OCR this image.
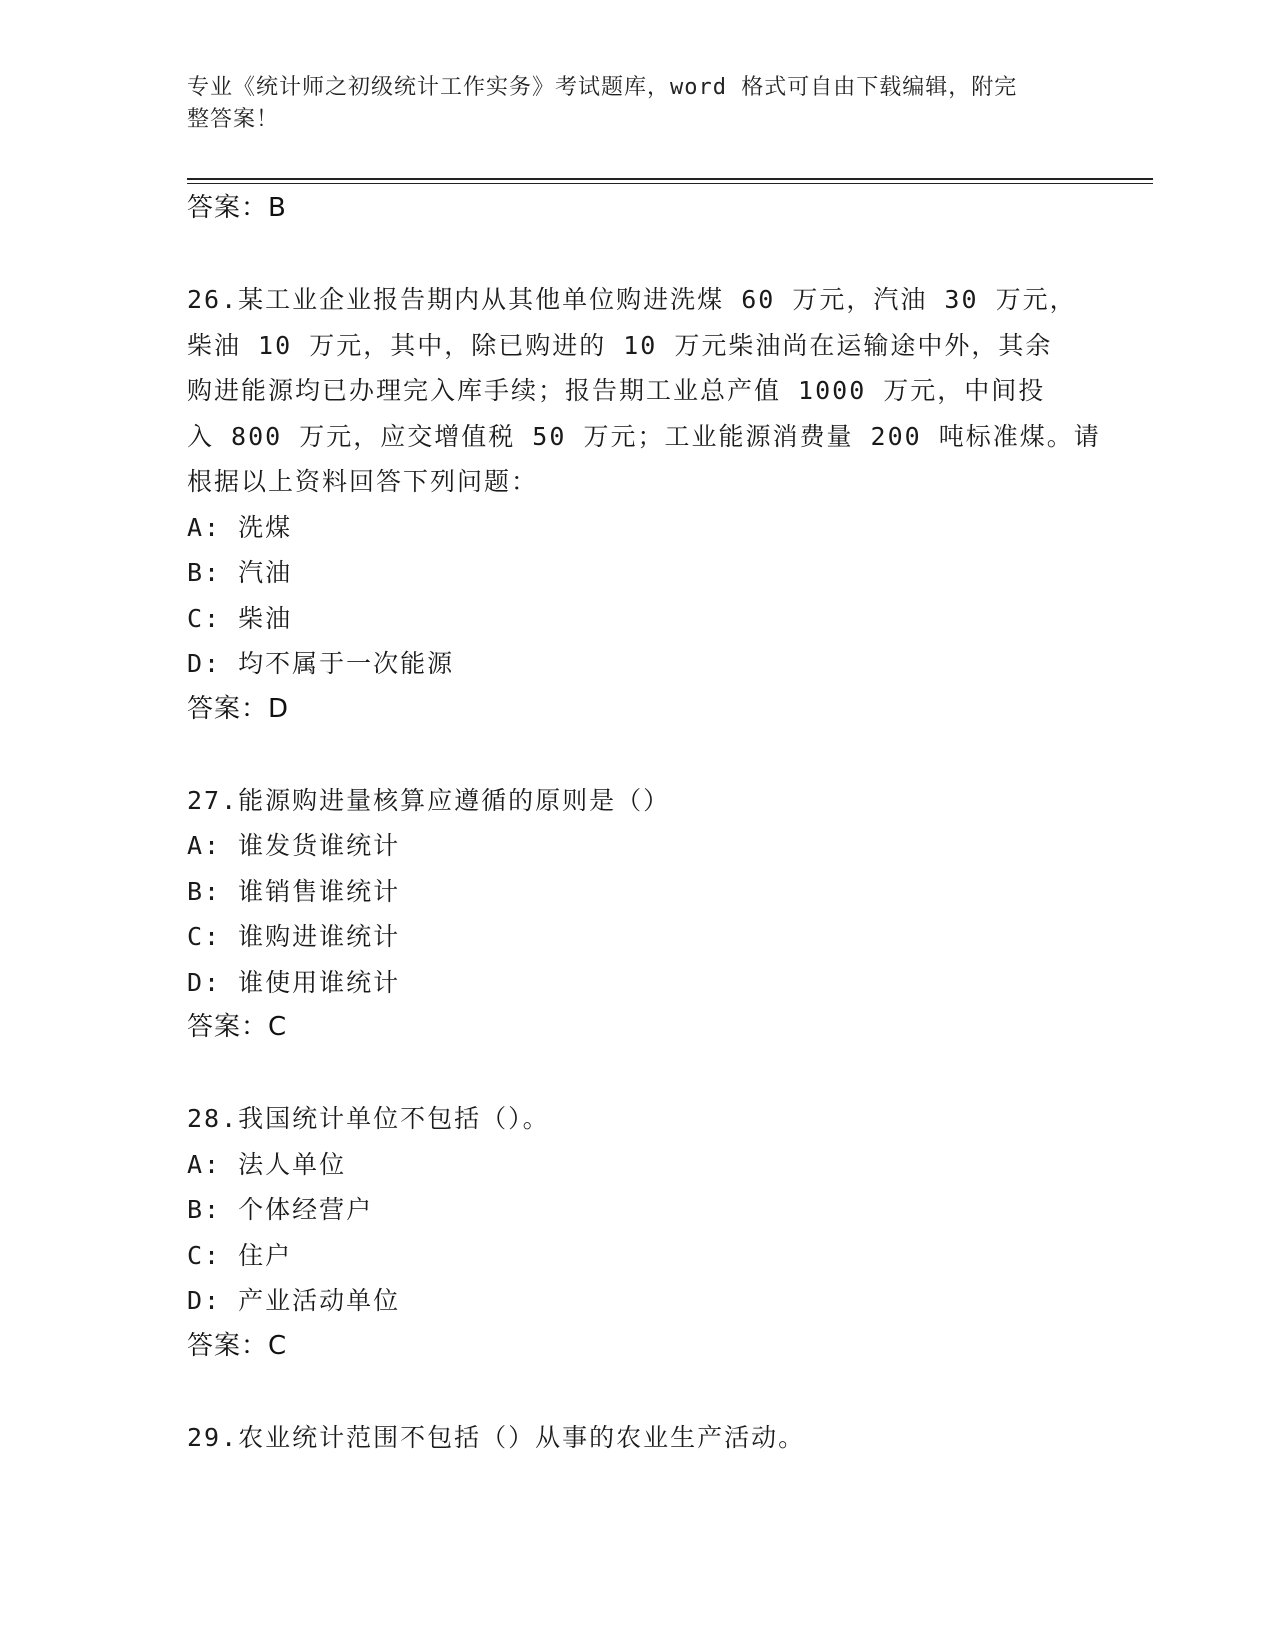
专业《统计师之初级统计工作实务》考试题库，word 格式可自由下载编辑，附完
整答案！
答案：B
26.某工业企业报告期内从其他单位购进洗煤 60 万元，汽油 30 万元，
柴油 10 万元，其中，除已购进的 10 万元柴油尚在运输途中外，其余
购进能源均已办理完入库手续；报告期工业总产值 1000 万元，中间投
入 800 万元，应交增值税 50 万元；工业能源消费量 200 吨标准煤。请
根据以上资料回答下列问题：
A: 洗煤
B: 汽油
C: 柴油
D: 均不属于一次能源
答案：D
27.能源购进量核算应遵循的原则是（）
A: 谁发货谁统计
B: 谁销售谁统计
C: 谁购进谁统计
D: 谁使用谁统计
答案：C
28.我国统计单位不包括（）。
A: 法人单位
B: 个体经营户
C: 住户
D: 产业活动单位
答案：C
29.农业统计范围不包括（）从事的农业生产活动。
